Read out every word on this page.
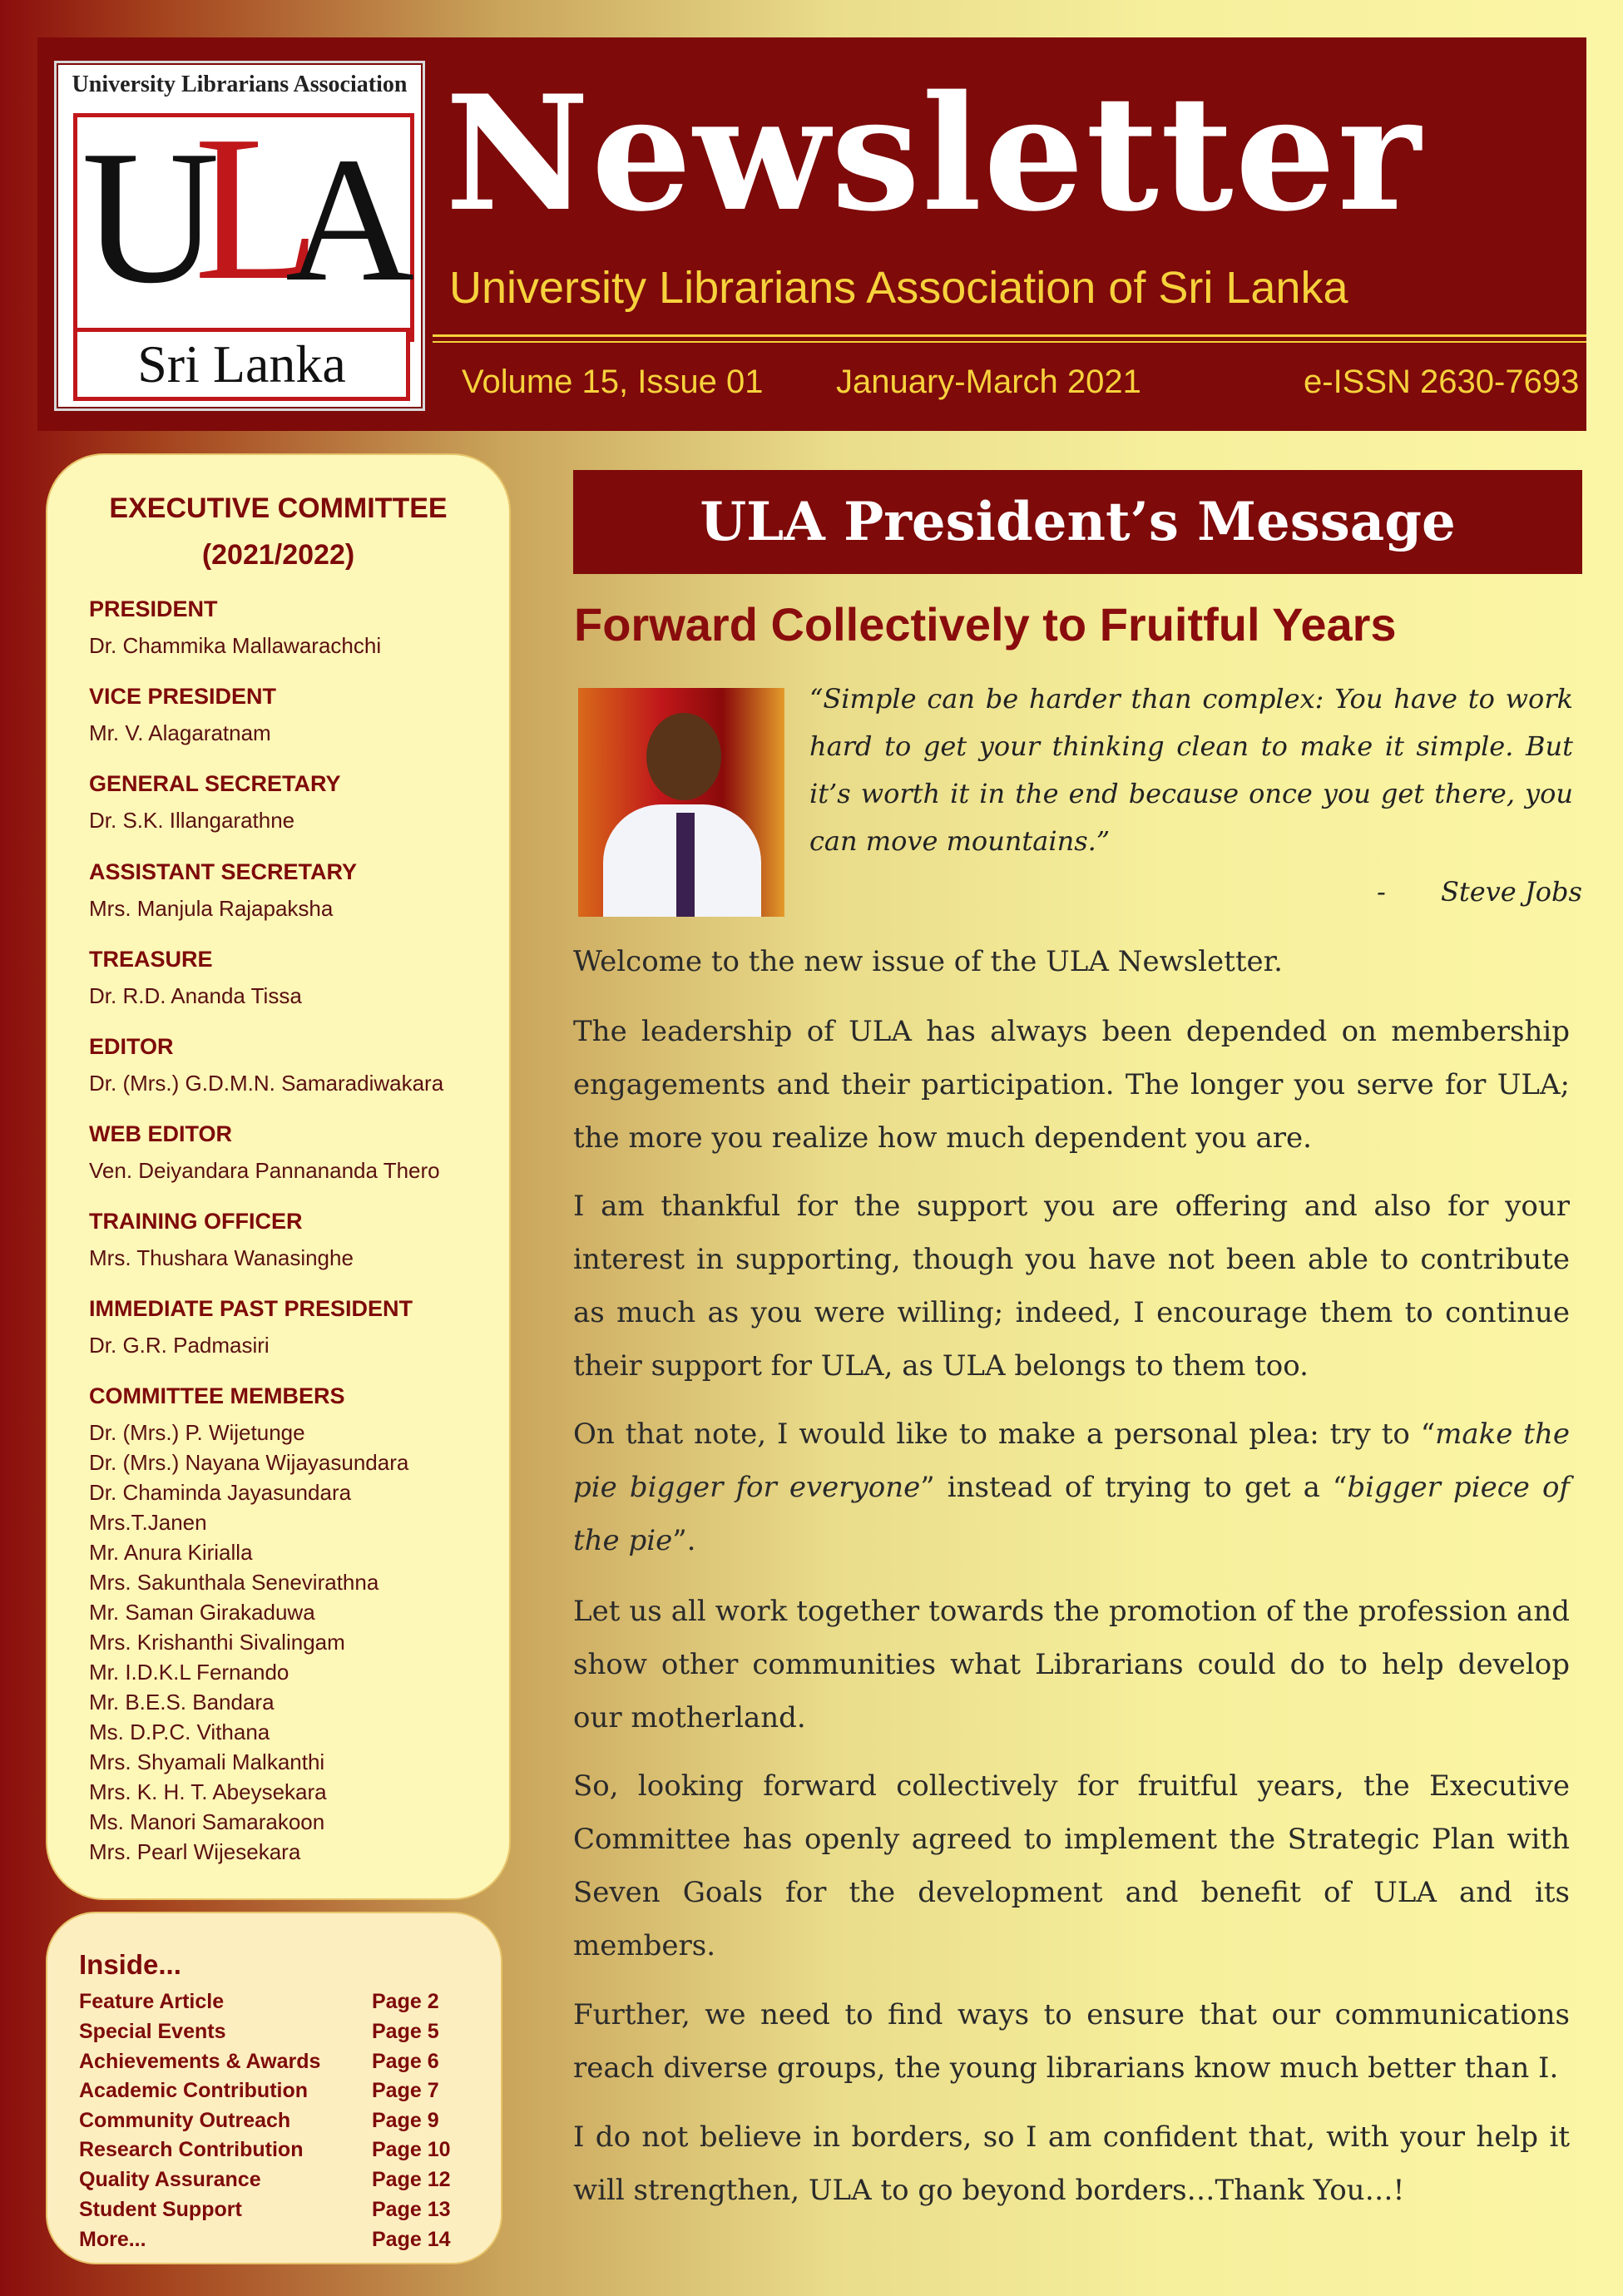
University Librarians Association
U
L
A
Sri Lanka
Newsletter
University Librarians Association of Sri Lanka
Volume 15, Issue 01 January-March 2021	e-ISSN 2630-7693
EXECUTIVE COMMITTEE
(2021/2022)
PRESIDENT
Dr. Chammika Mallawarachchi
VICE PRESIDENT
Mr. V. Alagaratnam
GENERAL SECRETARY
Dr. S.K. Illangarathne
ASSISTANT SECRETARY
Mrs. Manjula Rajapaksha
TREASURE
Dr. R.D. Ananda Tissa
EDITOR
Dr. (Mrs.) G.D.M.N. Samaradiwakara
WEB EDITOR
Ven. Deiyandara Pannananda Thero
TRAINING OFFICER
Mrs. Thushara Wanasinghe
IMMEDIATE PAST PRESIDENT
Dr. G.R. Padmasiri
COMMITTEE MEMBERS
Dr. (Mrs.) P. Wijetunge
Dr. (Mrs.) Nayana Wijayasundara
Dr. Chaminda Jayasundara
Mrs.T.Janen
Mr. Anura Kirialla
Mrs. Sakunthala Senevirathna
Mr. Saman Girakaduwa
Mrs. Krishanthi Sivalingam
Mr. I.D.K.L Fernando
Mr. B.E.S. Bandara
Ms. D.P.C. Vithana
Mrs. Shyamali Malkanthi
Mrs. K. H. T. Abeysekara
Ms. Manori Samarakoon
Mrs. Pearl Wijesekara
Inside...
Feature Article	Page 2
Special Events	Page 5
Achievements & Awards Page 6
Academic Contribution	Page 7
Community Outreach	Page 9
Research Contribution	Page 10
Quality Assurance	Page 12
Student Support	Page 13
More...	Page 14
ULA President’s Message
Forward Collectively to Fruitful Years
“Simple can be harder than complex: You have to work hard to get your thinking clean to make it simple. But it’s worth it in the end because once you get there, you can move mountains.”
- Steve Jobs

Welcome to the new issue of the ULA Newsletter.

The leadership of ULA has always been depended on membership engagements and their participation. The longer you serve for ULA; the more you realize how much dependent you are.

I am thankful for the support you are offering and also for your interest in supporting, though you have not been able to contribute as much as you were willing; indeed, I encourage them to continue their support for ULA, as ULA belongs to them too.

On that note, I would like to make a personal plea: try to “make the pie bigger for everyone” instead of trying to get a “bigger piece of the pie”.

Let us all work together towards the promotion of the profession and show other communities what Librarians could do to help develop our motherland.

So, looking forward collectively for fruitful years, the Executive Committee has openly agreed to implement the Strategic Plan with Seven Goals for the development and benefit of ULA and its members.

Further, we need to find ways to ensure that our communications reach diverse groups, the young librarians know much better than I.

I do not believe in borders, so I am confident that, with your help it will strengthen, ULA to go beyond borders…Thank You…!
